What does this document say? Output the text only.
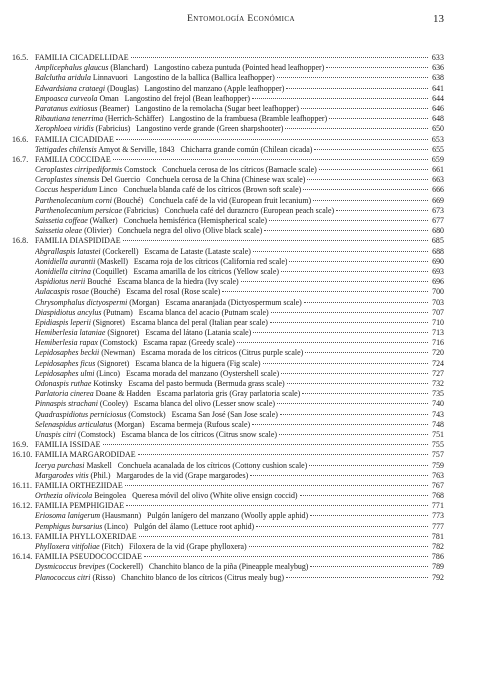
Entomología Económica	13
16.5. FAMILIA CICADELLIDAE	633
Amplicephalus glaucus (Blanchard) Langostino cabeza puntuda (Pointed head leafhopper)	636
Balclutha aridula Linnavuori Langostino de la ballica (Ballica leafhopper)	638
Edwardsiana crataegi (Douglas) Langostino del manzano (Apple leafhopper)	641
Empoasca curveola Oman Langostino del frejol (Bean leafhopper)	644
Paratanus exitiosus (Beamer) Langostino de la remolacha (Sugar beet leafhopper)	646
Ribautiana tenerrima (Herrich-Schäffer) Langostino de la frambuesa (Bramble leafhopper)	648
Xerophloea viridis (Fabricius) Langostino verde grande (Green sharpshooter)	650
16.6. FAMILIA CICADIDAE	653
Tettigades chilensis Amyot & Serville, 1843 Chicharra grande común (Chilean cicada)	655
16.7. FAMILIA COCCIDAE	659
Ceroplastes cirripediformis Comstock Conchuela cerosa de los cítricos (Barnacle scale)	661
Ceroplastes sinensis Del Guercio Conchuela cerosa de la China (Chinese wax scale)	663
Coccus hesperidum Linco Conchuela blanda café de los cítricos (Brown soft scale)	666
Parthenolecanium corni (Bouché) Conchuela café de la vid (European fruit lecanium)	669
Parthenolecanium persicae (Fabricius) Conchuela café del durazncro (European peach scale)	673
Saissetia coffeae (Walker) Conchuela hemisférica (Hemispherical scale)	677
Saissetia oleae (Olivier) Conchuela negra del olivo (Olive black scale)	680
16.8. FAMILIA DIASPIDIDAE	685
Abgrallaspis latastei (Cockerell) Escama de Lataste (Lataste scale)	688
Aonidiella aurantii (Maskell) Escama roja de los cítricos (California red scale)	690
Aonidiella citrina (Coquillet) Escama amarilla de los cítricos (Yellow scale)	693
Aspidiotus nerii Bouché Escama blanca de la hiedra (Ivy scale)	696
Aulacaspis rosae (Bouché) Escama del rosal (Rose scale)	700
Chrysomphalus dictyospermi (Morgan) Escama anaranjada (Dictyospermum scale)	703
Diaspidiotus ancylus (Putnam) Escama blanca del acacio (Putnam scale)	707
Epidiaspis leperii (Signoret) Escama blanca del peral (Italian pear scale)	710
Hemiberlesia lataniae (Signoret) Escama del látano (Latania scale)	713
Hemiberlesia rapax (Comstock) Escama rapaz (Greedy scale)	716
Lepidosaphes beckii (Newman) Escama morada de los cítricos (Citrus purple scale)	720
Lepidosaphes ficus (Signoret) Escama blanca de la higuera (Fig scale)	724
Lepidosaphes ulmi (Linco) Escama morada del manzano (Oystershell scale)	727
Odonaspis ruthae Kotinsky Escama del pasto bermuda (Bermuda grass scale)	732
Parlatoria cinerea Doane & Hadden Escama parlatoria gris (Gray parlatoria scale)	735
Pinnaspis strachani (Cooley) Escama blanca del olivo (Lesser snow scale)	740
Quadraspidiotus perniciosus (Comstock) Escama San José (San Jose scale)	743
Selenaspidus articulatus (Morgan) Escama bermeja (Rufous scale)	748
Unaspis citri (Comstock) Escama blanca de los cítricos (Citrus snow scale)	751
16.9. FAMILIA ISSIDAE	755
16.10. FAMILIA MARGARODIDAE	757
Icerya purchasi Maskell Conchuela acanalada de los cítricos (Cottony cushion scale)	759
Margarodes vitis (Phil.) Margarodes de la vid (Grape margarodes)	763
16.11. FAMILIA ORTHEZIIDAE	767
Orthezia olivicola Beingolea Queresa móvil del olivo (White olive ensign coccid)	768
16.12. FAMILIA PEMPHIGIDAE	771
Eriosoma lanigerum (Hausmann) Pulgón lanígero del manzano (Woolly apple aphid)	773
Pemphigus bursarius (Linco) Pulgón del álamo (Lettuce root aphid)	777
16.13. FAMILIA PHYLLOXERIDAE	781
Phylloxera vitifoliae (Fitch) Filoxera de la vid (Grape phylloxera)	782
16.14. FAMILIA PSEUDOCOCCIDAE	786
Dysmicoccus brevipes (Cockerell) Chanchito blanco de la piña (Pineapple mealybug)	789
Planococcus citri (Risso) Chanchito blanco de los cítricos (Citrus mealy bug)	792
